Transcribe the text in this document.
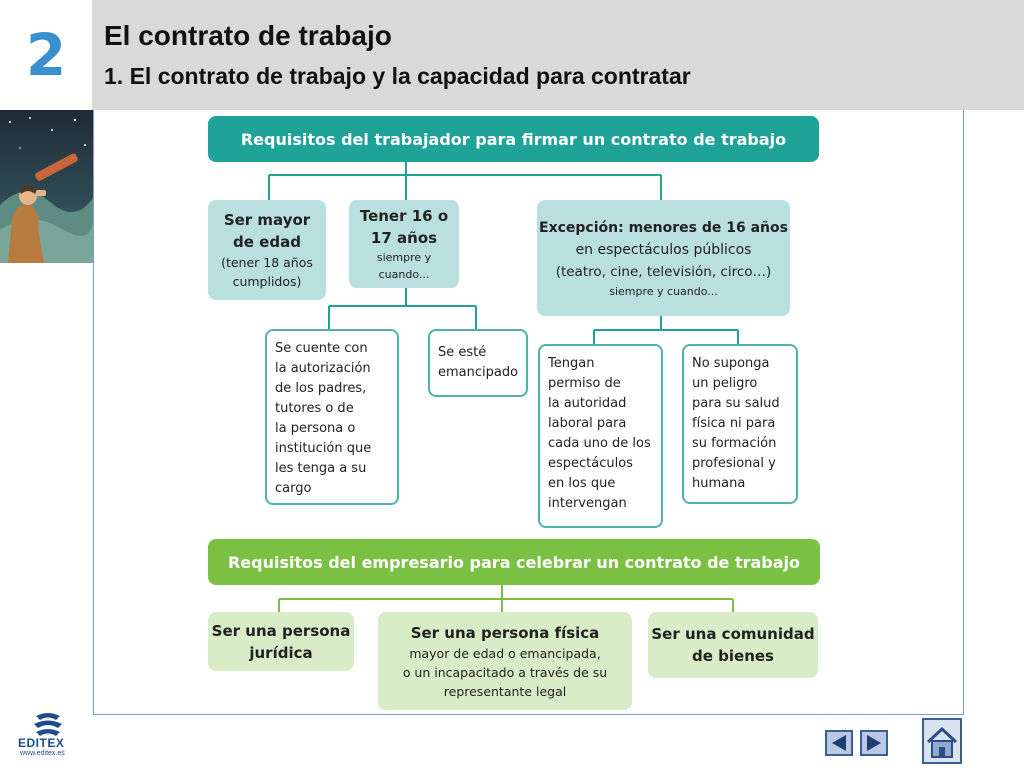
2 El contrato de trabajo
1. El contrato de trabajo y la capacidad para contratar
Requisitos del trabajador para firmar un contrato de trabajo
Ser mayor
de edad
(tener 18 años
cumplidos)
Tener 16 o
17 años
siempre y
cuando...
Excepción: menores de 16 años
en espectáculos públicos
(teatro, cine, televisión, circo…)
siempre y cuando...
Se cuente con
la autorización
de los padres,
tutores o de
la persona o
institución que
les tenga a su
cargo
Se esté
emancipado
Tengan
permiso de
la autoridad
laboral para
cada uno de los
espectáculos
en los que
intervengan
No suponga
un peligro
para su salud
física ni para
su formación
profesional y
humana
Requisitos del empresario para celebrar un contrato de trabajo
Ser una persona
jurídica
Ser una persona física
mayor de edad o emancipada,
o un incapacitado a través de su
representante legal
Ser una comunidad
de bienes
EDITEX
www.editex.es
